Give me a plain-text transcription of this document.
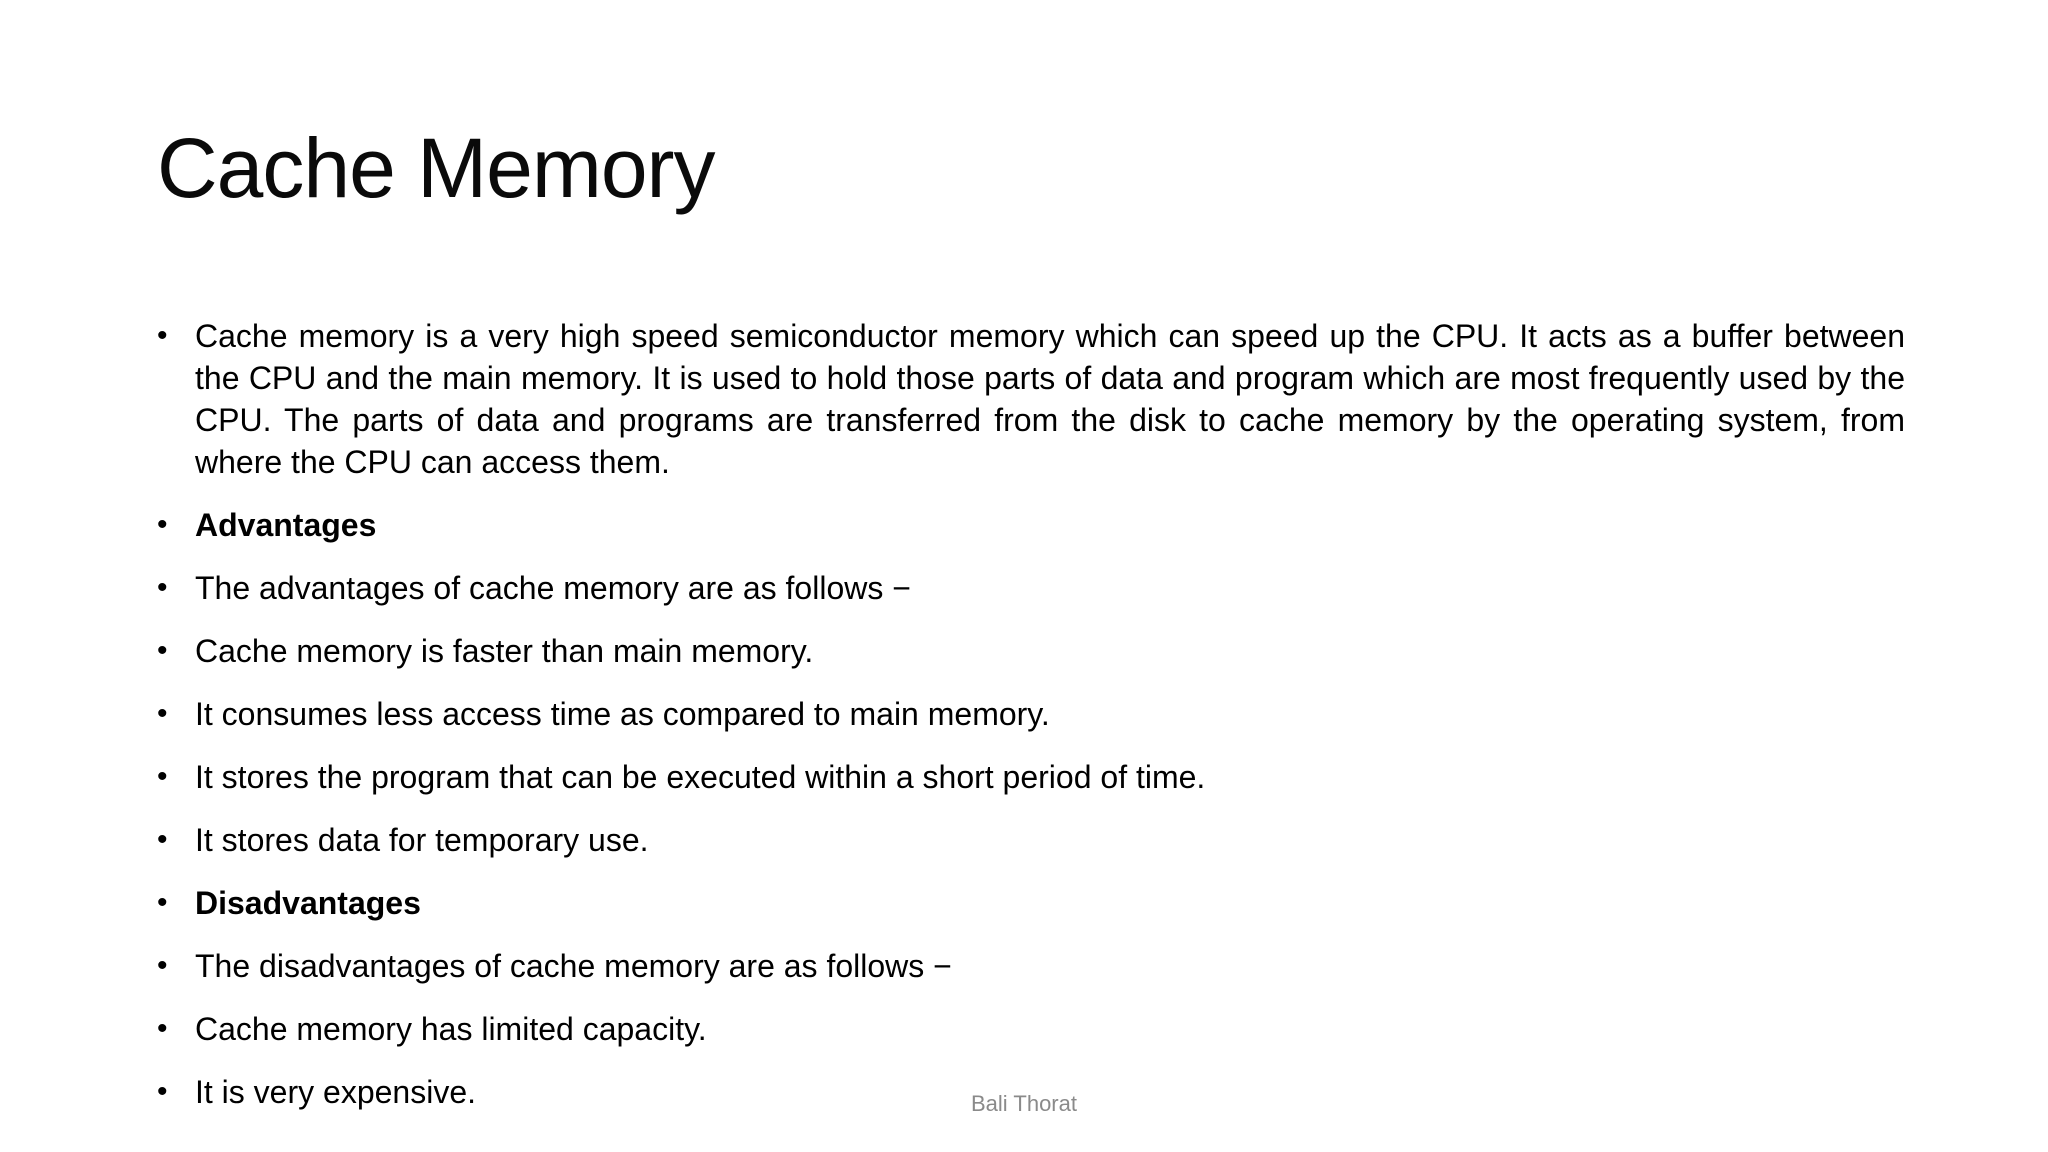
Cache Memory
• Cache memory is a very high speed semiconductor memory which can speed up the CPU. It acts as a buffer between the CPU and the main memory. It is used to hold those parts of data and program which are most frequently used by the CPU. The parts of data and programs are transferred from the disk to cache memory by the operating system, from where the CPU can access them.
• Advantages
• The advantages of cache memory are as follows −
• Cache memory is faster than main memory.
• It consumes less access time as compared to main memory.
• It stores the program that can be executed within a short period of time.
• It stores data for temporary use.
• Disadvantages
• The disadvantages of cache memory are as follows −
• Cache memory has limited capacity.
• It is very expensive.	Bali Thorat
